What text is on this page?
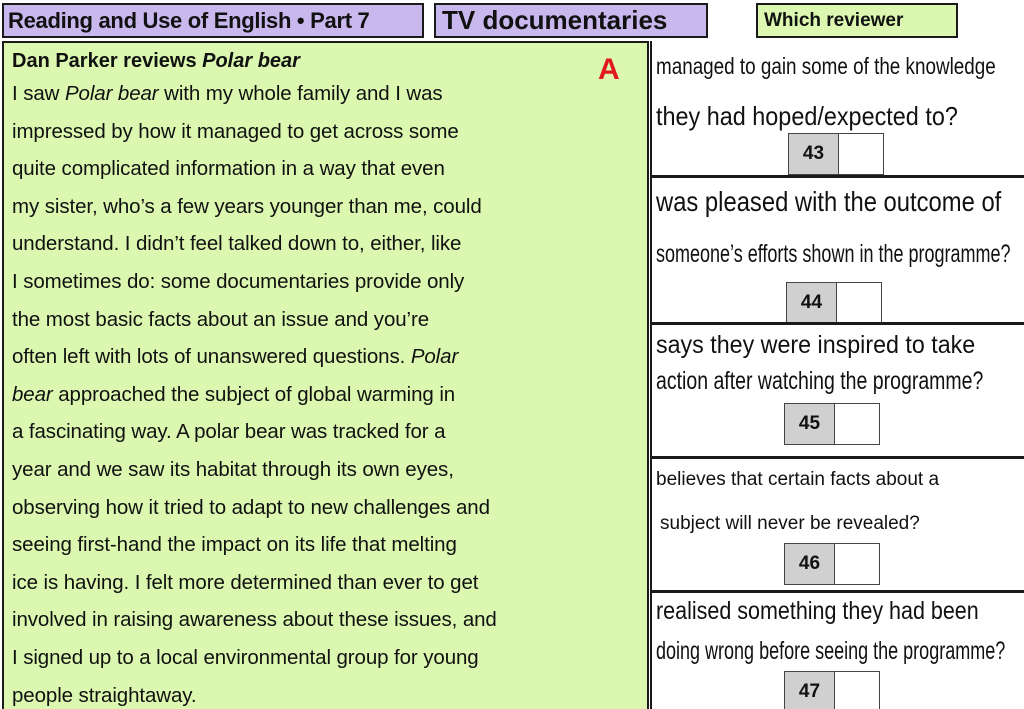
Reading and Use of English • Part 7	TV documentaries	Which reviewer
Dan Parker reviews Polar bear	A
I saw Polar bear with my whole family and I was
impressed by how it managed to get across some
quite complicated information in a way that even
my sister, who’s a few years younger than me, could
understand. I didn’t feel talked down to, either, like
I sometimes do: some documentaries provide only
the most basic facts about an issue and you’re
often left with lots of unanswered questions. Polar
bear approached the subject of global warming in
a fascinating way. A polar bear was tracked for a
year and we saw its habitat through its own eyes,
observing how it tried to adapt to new challenges and
seeing first-hand the impact on its life that melting
ice is having. I felt more determined than ever to get
involved in raising awareness about these issues, and
I signed up to a local environmental group for young
people straightaway.
managed to gain some of the knowledge
they had hoped/expected to?
43
was pleased with the outcome of
someone’s efforts shown in the programme?
44
says they were inspired to take
action after watching the programme?
45
believes that certain facts about a
subject will never be revealed?
46
realised something they had been
doing wrong before seeing the programme?
47
